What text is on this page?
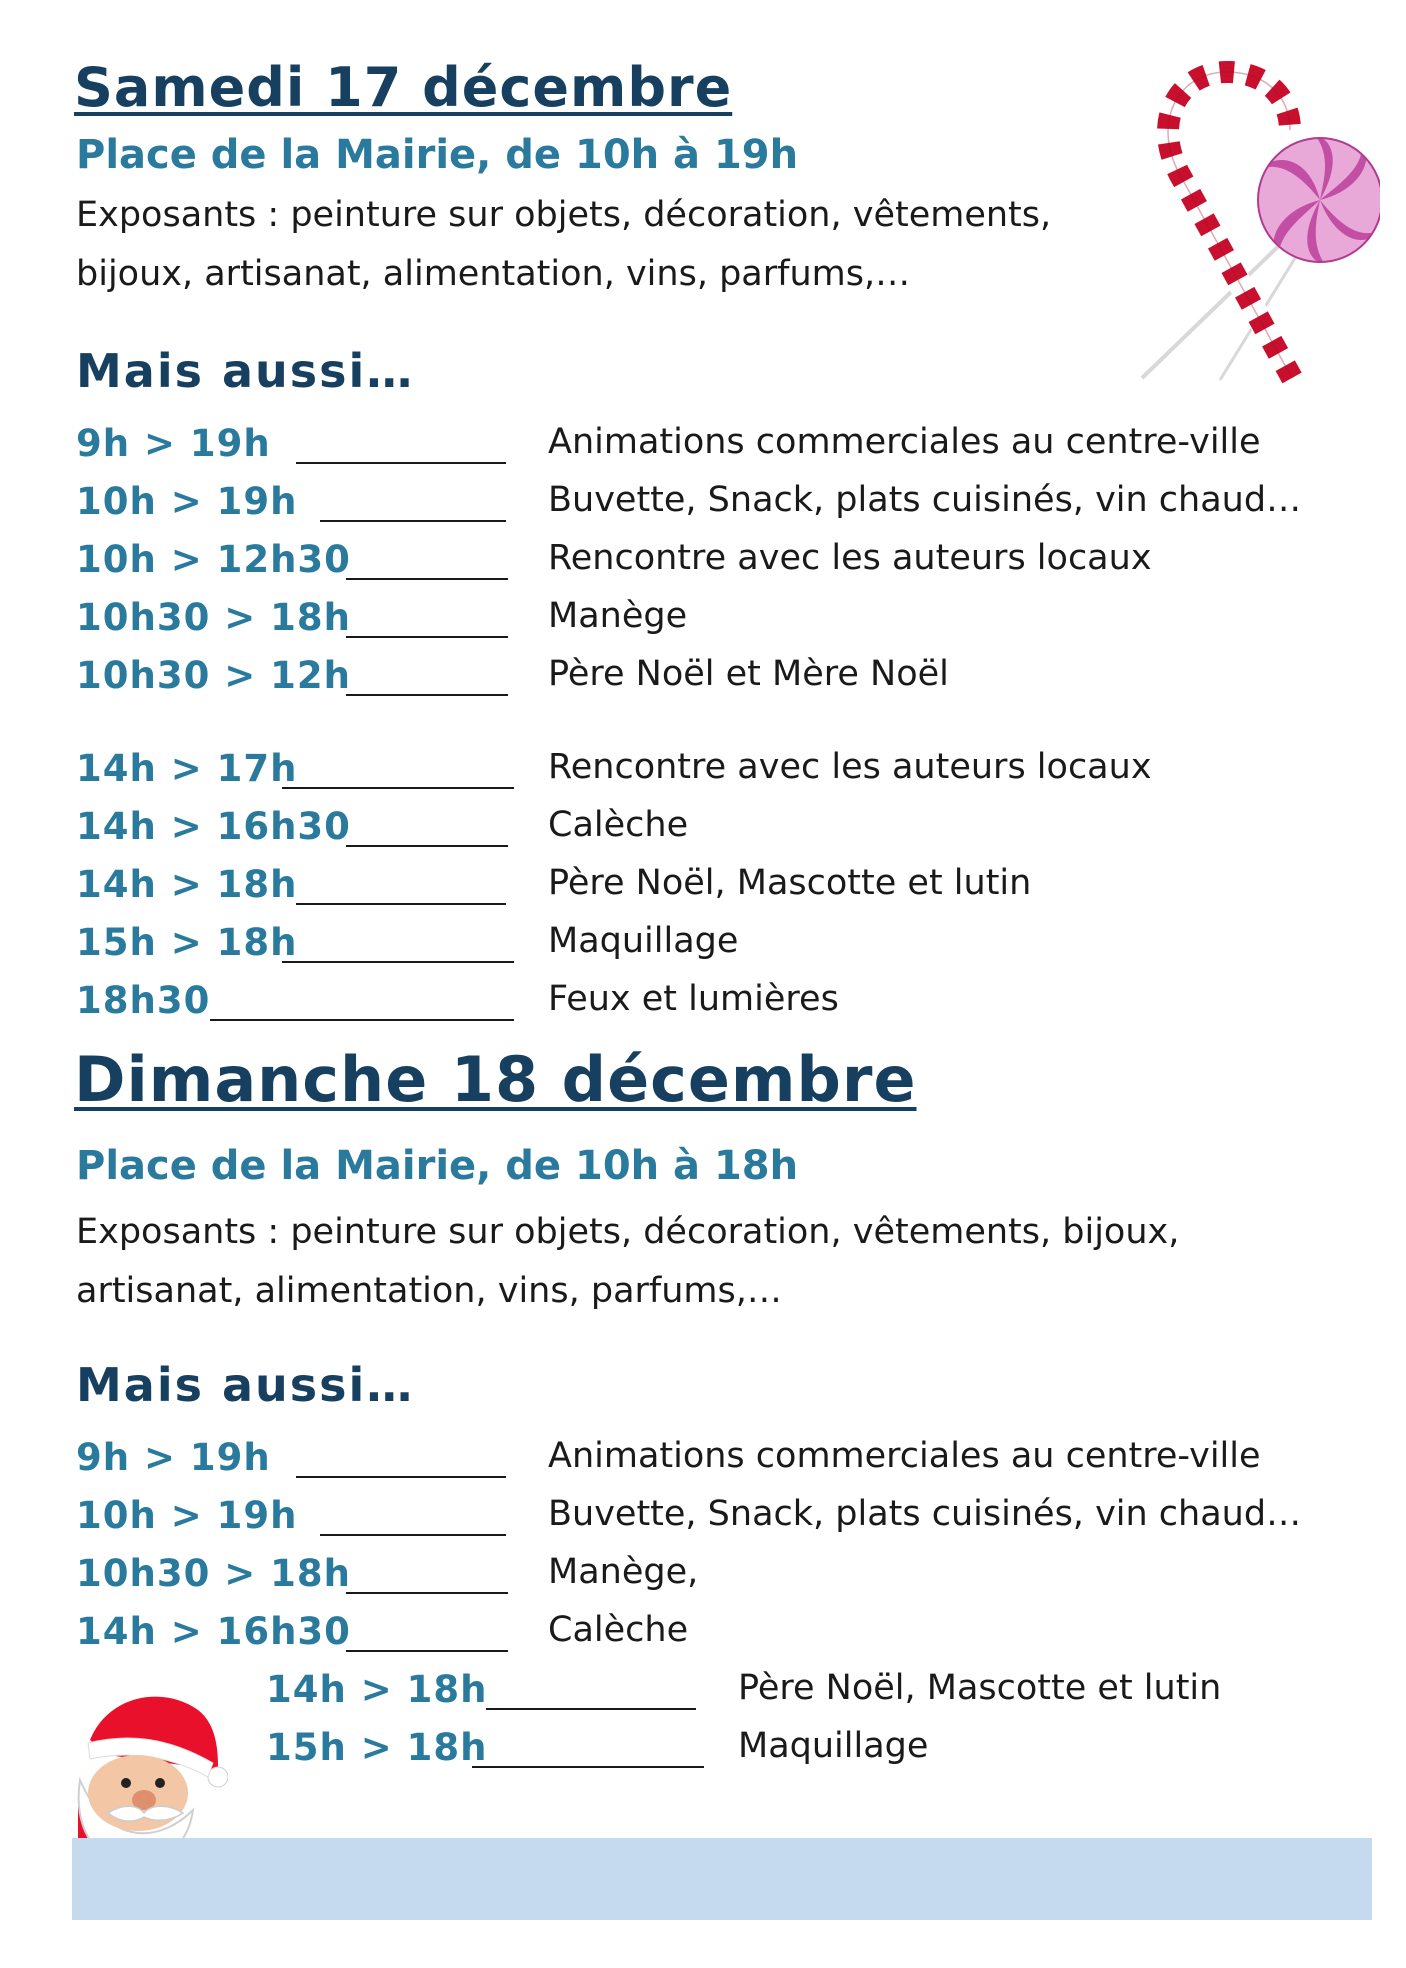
Samedi 17 décembre
Place de la Mairie, de 10h à 19h

Exposants : peinture sur objets, décoration, vêtements, bijoux, artisanat, alimentation, vins, parfums,…

Mais aussi…
9h > 19h	Animations commerciales au centre-ville
10h > 19h	Buvette, Snack, plats cuisinés, vin chaud…
10h > 12h30	Rencontre avec les auteurs locaux
10h30 > 18h	Manège
10h30 > 12h	Père Noël et Mère Noël
14h > 17h	Rencontre avec les auteurs locaux
14h > 16h30	Calèche
14h > 18h	Père Noël, Mascotte et lutin
15h > 18h	Maquillage
18h30	Feux et lumières
Dimanche 18 décembre
Place de la Mairie, de 10h à 18h

Exposants : peinture sur objets, décoration, vêtements, bijoux, artisanat, alimentation, vins, parfums,…

Mais aussi…
9h > 19h	Animations commerciales au centre-ville
10h > 19h	Buvette, Snack, plats cuisinés, vin chaud…
10h30 > 18h	Manège,
14h > 16h30	Calèche
14h > 18h	Père Noël, Mascotte et lutin
15h > 18h	Maquillage
